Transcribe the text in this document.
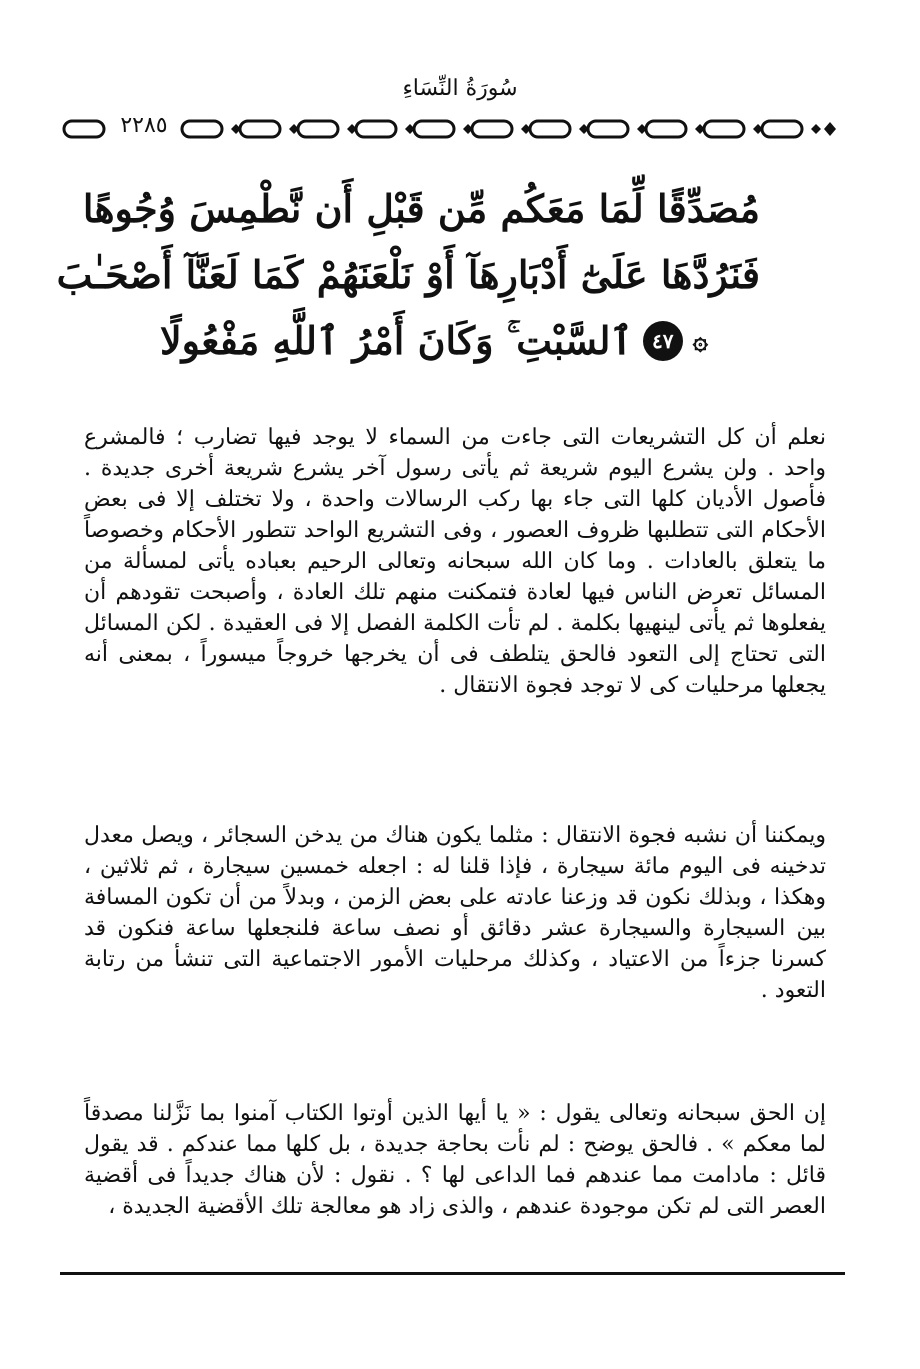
سُورَةُ النِّسَاءِ
٢٢٨٥
مُصَدِّقًا لِّمَا مَعَكُم مِّن قَبْلِ أَن نَّطْمِسَ وُجُوهًا
فَنَرُدَّهَا عَلَىٰٓ أَدْبَارِهَآ أَوْ نَلْعَنَهُمْ كَمَا لَعَنَّآ أَصْحَـٰبَ
ٱلسَّبْتِ ۚ وَكَانَ أَمْرُ ٱللَّهِ مَفْعُولًا ٤٧ ۞

نعلم أن كل التشريعات التى جاءت من السماء لا يوجد فيها تضارب ؛ فالمشرع واحد . ولن يشرع اليوم شريعة ثم يأتى رسول آخر يشرع شريعة أخرى جديدة . فأصول الأديان كلها التى جاء بها ركب الرسالات واحدة ، ولا تختلف إلا فى بعض الأحكام التى تتطلبها ظروف العصور ، وفى التشريع الواحد تتطور الأحكام وخصوصاً ما يتعلق بالعادات . وما كان الله سبحانه وتعالى الرحيم بعباده يأتى لمسألة من المسائل تعرض الناس فيها لعادة فتمكنت منهم تلك العادة ، وأصبحت تقودهم أن يفعلوها ثم يأتى لينهيها بكلمة . لم تأت الكلمة الفصل إلا فى العقيدة . لكن المسائل التى تحتاج إلى التعود فالحق يتلطف فى أن يخرجها خروجاً ميسوراً ، بمعنى أنه يجعلها مرحليات كى لا توجد فجوة الانتقال .

ويمكننا أن نشبه فجوة الانتقال : مثلما يكون هناك من يدخن السجائر ، ويصل معدل تدخينه فى اليوم مائة سيجارة ، فإذا قلنا له : اجعله خمسين سيجارة ، ثم ثلاثين ، وهكذا ، وبذلك نكون قد وزعنا عادته على بعض الزمن ، وبدلاً من أن تكون المسافة بين السيجارة والسيجارة عشر دقائق أو نصف ساعة فلنجعلها ساعة فنكون قد كسرنا جزءاً من الاعتياد ، وكذلك مرحليات الأمور الاجتماعية التى تنشأ من رتابة التعود .

إن الحق سبحانه وتعالى يقول : « يا أيها الذين أوتوا الكتاب آمنوا بما نَزَّلنا مصدقاً لما معكم » . فالحق يوضح : لم نأت بحاجة جديدة ، بل كلها مما عندكم . قد يقول قائل : مادامت مما عندهم فما الداعى لها ؟ . نقول : لأن هناك جديداً فى أقضية العصر التى لم تكن موجودة عندهم ، والذى زاد هو معالجة تلك الأقضية الجديدة ،
